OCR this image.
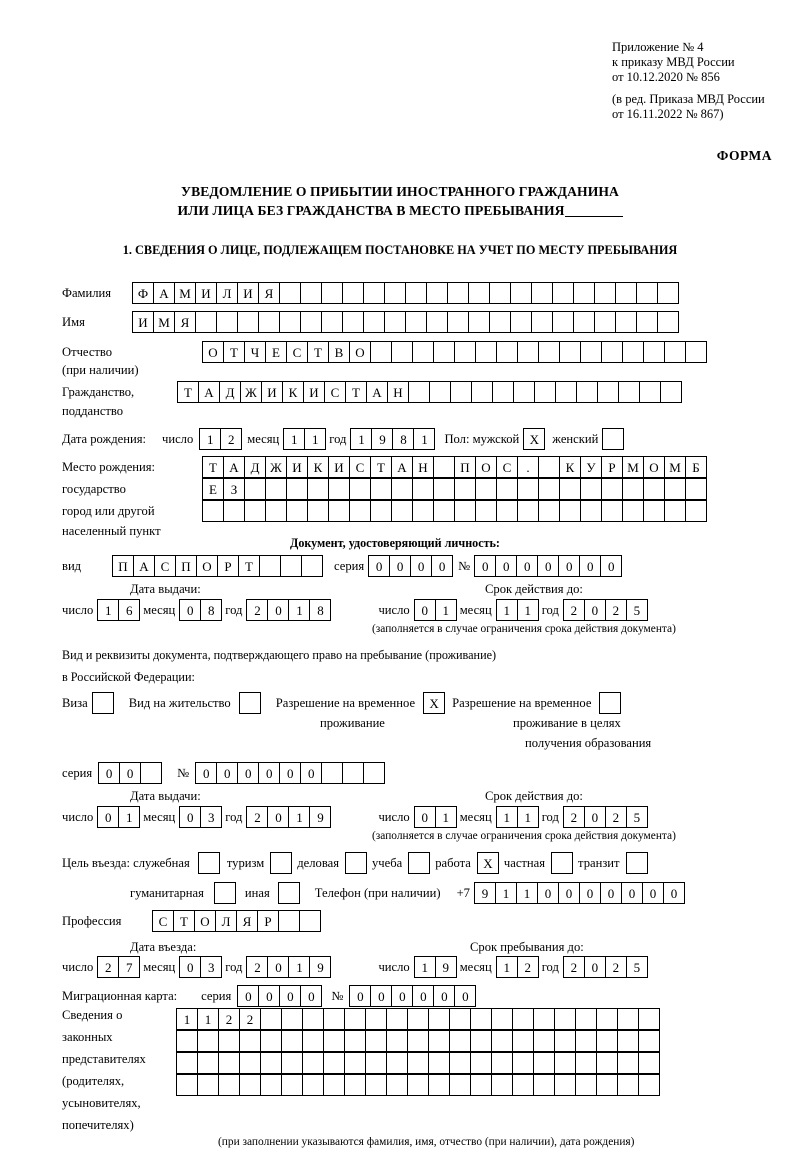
Приложение № 4
к приказу МВД России
от 10.12.2020 № 856
(в ред. Приказа МВД России
от 16.11.2022 № 867)
ФОРМА
УВЕДОМЛЕНИЕ О ПРИБЫТИИ ИНОСТРАННОГО ГРАЖДАНИНА
ИЛИ ЛИЦА БЕЗ ГРАЖДАНСТВА В МЕСТО ПРЕБЫВАНИЯ
1. СВЕДЕНИЯ О ЛИЦЕ, ПОДЛЕЖАЩЕМ ПОСТАНОВКЕ НА УЧЕТ ПО МЕСТУ ПРЕБЫВАНИЯ
Фамилия	Ф А М И Л И Я
Имя	И М Я
Отчество	О Т Ч Е С Т В О
(при наличии)
Гражданство,	Т А Д Ж И К И С Т А Н
подданство
Дата рождения: число	1	2	месяц 1	1 год 1	9	8	1	Пол: мужской X	женский
Место рождения:	Т А Д Ж И К И С Т А Н	П О С	.	К У Р М О М Б
государство	Е	З
город или другой
населенный пункт
Документ, удостоверяющий личность:
вид	П А С П О Р	Т	серия 0	0	0	0	№ 0	0	0	0	0	0	0
Дата выдачи:	Срок действия до:
число 1	6 месяц 0	8 год 2	0	1	8	число 0	1 месяц 1	1 год 2	0	2	5
(заполняется в случае ограничения срока действия документа)
Вид и реквизиты документа, подтверждающего право на пребывание (проживание)
в Российской Федерации:
Виза	Вид на жительство	Разрешение на временное	X	Разрешение на временное
проживание	проживание в целях
получения образования
серия	0	0	№	0	0	0	0	0	0
Дата выдачи:	Срок действия до:
число 0	1 месяц 0	3 год 2	0	1	9	число 0	1 месяц 1	1 год 2	0	2	5
(заполняется в случае ограничения срока действия документа)
Цель въезда: служебная	туризм	деловая	учеба	работа X частная	транзит
гуманитарная	иная	Телефон (при наличии) +7 9	1	1	0	0	0	0	0	0	0
Профессия	С Т О Л Я	Р
Дата въезда:	Срок пребывания до:
число 2	7 месяц 0	3 год 2	0	1	9	число 1	9 месяц 1	2 год 2	0	2	5
Миграционная карта: серия	0	0	0	0	№	0	0	0	0	0	0
Сведения о
законных
представителях
(родителях,
усыновителях,
попечителях)
1	1	2	2
(при заполнении указываются фамилия, имя, отчество (при наличии), дата рождения)
